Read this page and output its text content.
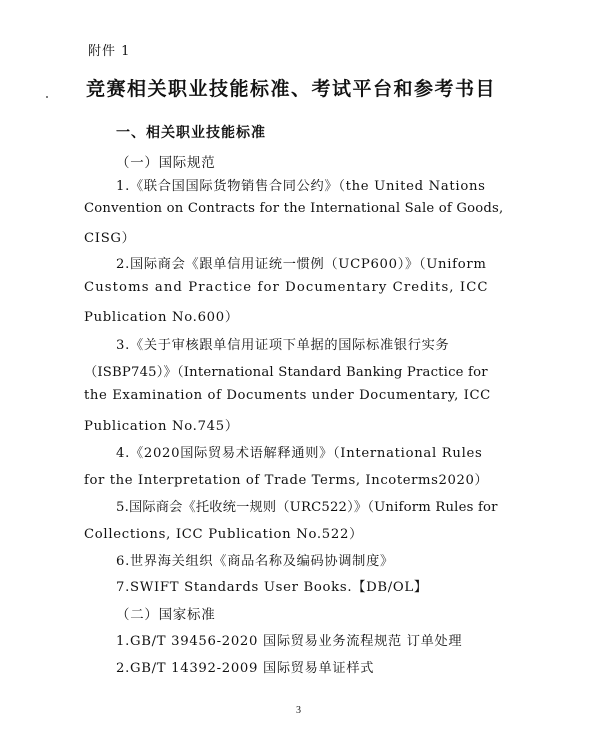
附件 1
竞赛相关职业技能标准、考试平台和参考书目
一、相关职业技能标准
（一）国际规范
1.《联合国国际货物销售合同公约》（the United Nations
Convention on Contracts for the International Sale of Goods,
CISG）
2.国际商会《跟单信用证统一惯例（UCP600）》（Uniform
Customs and Practice for Documentary Credits, ICC
Publication No.600）
3.《关于审核跟单信用证项下单据的国际标准银行实务
（ISBP745）》（International Standard Banking Practice for
the Examination of Documents under Documentary, ICC
Publication No.745）
4.《2020国际贸易术语解释通则》（International Rules
for the Interpretation of Trade Terms, Incoterms2020）
5.国际商会《托收统一规则（URC522）》（Uniform Rules for
Collections, ICC Publication No.522）
6.世界海关组织《商品名称及编码协调制度》
7.SWIFT Standards User Books.【DB/OL】
（二）国家标准
1.GB/T 39456-2020 国际贸易业务流程规范 订单处理
2.GB/T 14392-2009 国际贸易单证样式
3
